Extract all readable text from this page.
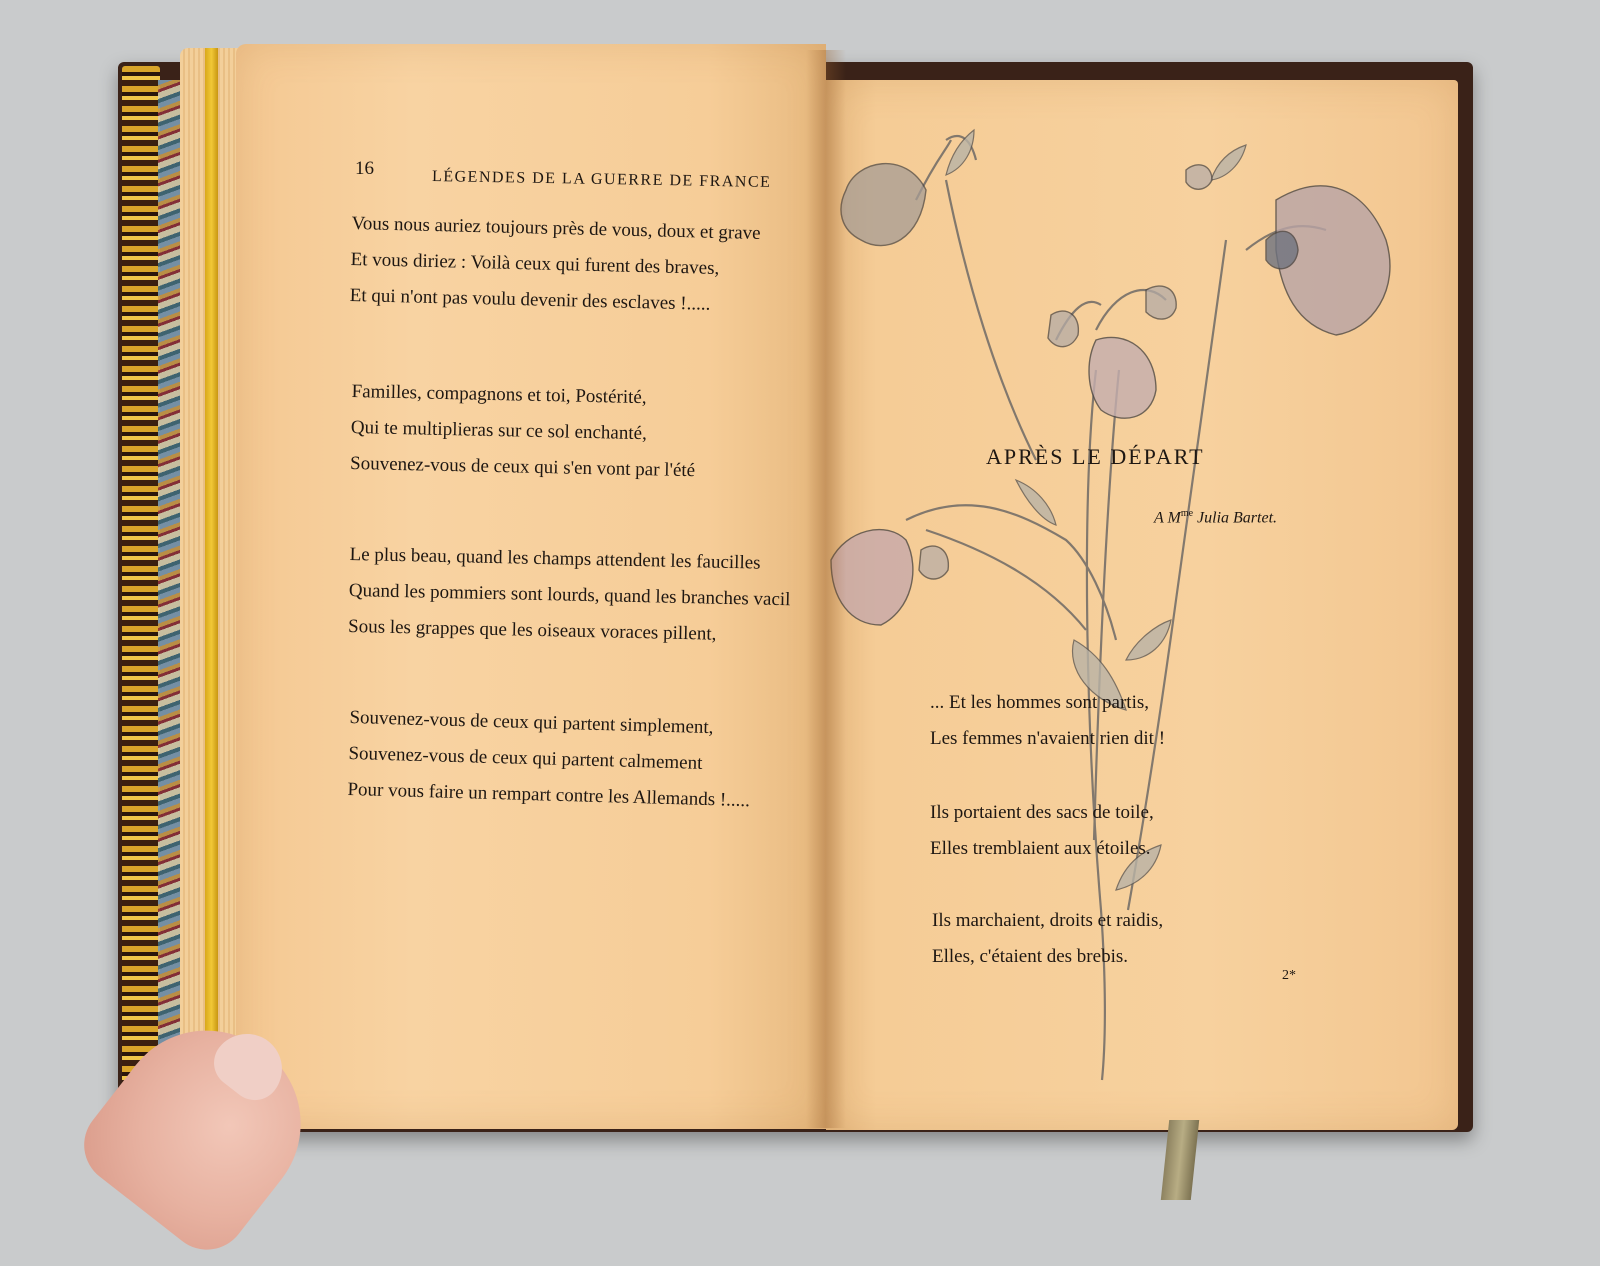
16	LÉGENDES DE LA GUERRE DE FRANCE
Vous nous auriez toujours près de vous, doux et grave
Et vous diriez : Voilà ceux qui furent des braves,
Et qui n'ont pas voulu devenir des esclaves !.....
Familles, compagnons et toi, Postérité,
Qui te multiplieras sur ce sol enchanté,
Souvenez-vous de ceux qui s'en vont par l'été
Le plus beau, quand les champs attendent les faucilles
Quand les pommiers sont lourds, quand les branches vacil
Sous les grappes que les oiseaux voraces pillent,
Souvenez-vous de ceux qui partent simplement,
Souvenez-vous de ceux qui partent calmement
Pour vous faire un rempart contre les Allemands !.....
APRÈS LE DÉPART
A $M^{me}$ Julia Bartet.
... Et les hommes sont partis,
Les femmes n'avaient rien dit !
Ils portaient des sacs de toile,
Elles tremblaient aux étoiles.
Ils marchaient, droits et raidis,
Elles, c'étaient des brebis.
2*
